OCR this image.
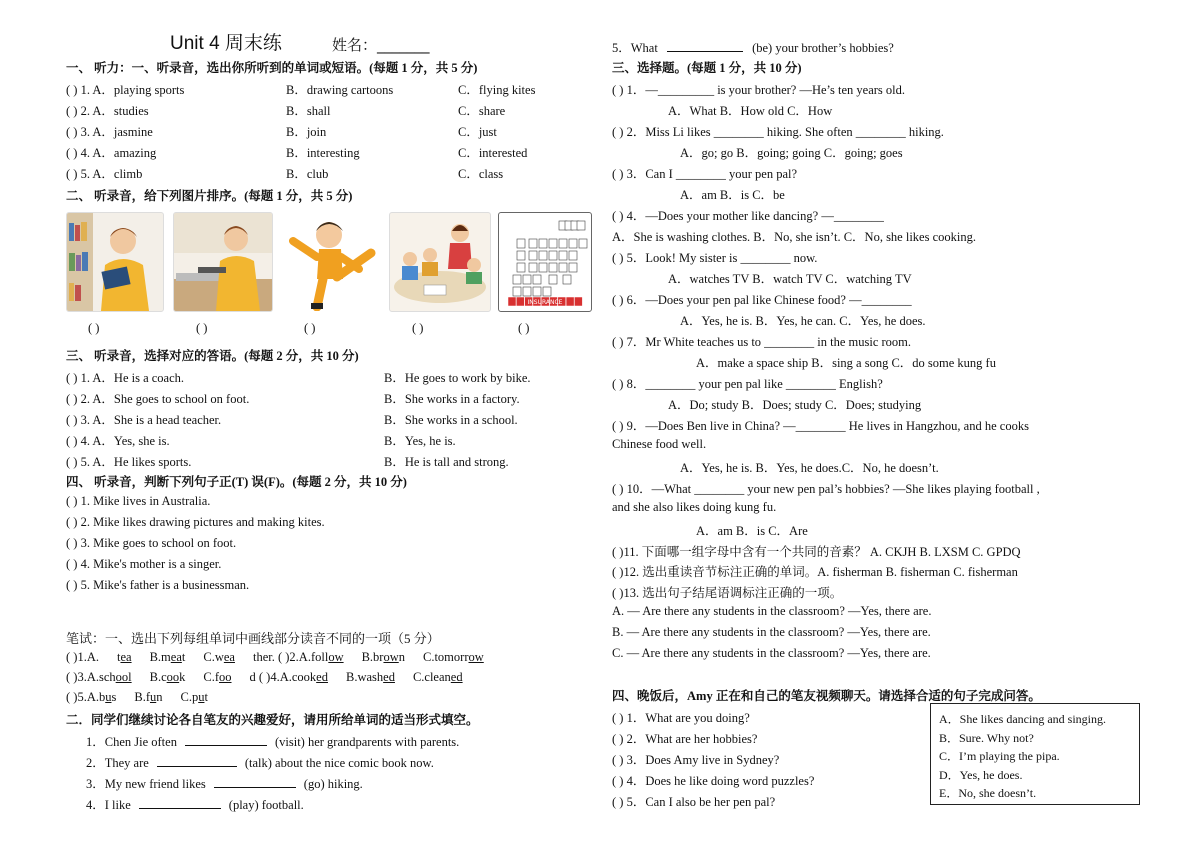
Unit 4 周末练	姓名：_______
一、 听力：一、听录音，选出你所听到的单词或短语。(每题 1 分，共 5 分)
( ) 1. A．playing sports	B．drawing cartoons	C．flying kites
( ) 2. A．studies	B．shall	C．share
( ) 3. A．jasmine	B．join	C．just
( ) 4. A．amazing	B．interesting	C．interested
( ) 5. A．climb	B．club	C．class
二、 听录音，给下列图片排序。(每题 1 分，共 5 分)
INSURANCE
( )	( )	( )	( )	( )
三、 听录音，选择对应的答语。(每题 2 分，共 10 分)
( ) 1. A．He is a coach.	B．He goes to work by bike.
( ) 2. A．She goes to school on foot.	B．She works in a factory.
( ) 3. A．She is a head teacher.	B．She works in a school.
( ) 4. A．Yes, she is.	B．Yes, he is.
( ) 5. A．He likes sports.	B．He is tall and strong.
四、 听录音，判断下列句子正(T) 误(F)。(每题 2 分，共 10 分)
( ) 1. Mike lives in Australia.
( ) 2. Mike likes drawing pictures and making kites.
( ) 3. Mike goes to school on foot.
( ) 4. Mike's mother is a singer.
( ) 5. Mike's father is a businessman.
笔试：一、选出下列每组单词中画线部分读音不同的一项（5 分）
( )1.A. tea B.meat C.wea ther. ( )2.A.follow B.brown C.tomorrow
( )3.A.school B.cook C.foo d ( )4.A.cooked B.washed C.cleaned
( )5.A.bus B.fun C.put
二．同学们继续讨论各自笔友的兴趣爱好，请用所给单词的适当形式填空。
1．Chen Jie often	(visit) her grandparents with parents.
2．They are	(talk) about the nice comic book now.
3．My new friend likes	(go) hiking.
4．I like	(play) football.
5．What	(be) your brother’s hobbies?
三、选择题。(每题 1 分，共 10 分)
( ) 1．—_________ is your brother? —He’s ten years old.
A．What B．How old C．How
( ) 2．Miss Li likes ________ hiking. She often ________ hiking.
A．go; go B．going; going C．going; goes
( ) 3．Can I ________ your pen pal?
A．am B．is C．be
( ) 4．—Does your mother like dancing? —________
A．She is washing clothes. B．No, she isn’t. C．No, she likes cooking.
( ) 5．Look! My sister is ________ now.
A．watches TV B．watch TV C．watching TV
( ) 6．—Does your pen pal like Chinese food? —________
A．Yes, he is. B．Yes, he can. C．Yes, he does.
( ) 7．Mr White teaches us to ________ in the music room.
A．make a space ship B．sing a song C．do some kung fu
( ) 8．________ your pen pal like ________ English?
A．Do; study B．Does; study C．Does; studying
( ) 9．—Does Ben live in China? —________ He lives in Hangzhou, and he cooks
Chinese food well.
A．Yes, he is. B．Yes, he does.C．No, he doesn’t.
( ) 10．—What ________ your new pen pal’s hobbies? —She likes playing football ,
and she also likes doing kung fu.
A．am B．is C．Are
( )11. 下面哪一组字母中含有一个共同的音素？ A. CKJH B. LXSM C. GPDQ
( )12. 选出重读音节标注正确的单词。A. fisherman B. fisherman C. fisherman
( )13. 选出句子结尾语调标注正确的一项。
A. — Are there any students in the classroom? —Yes, there are.
B. — Are there any students in the classroom? —Yes, there are.
C. — Are there any students in the classroom? —Yes, there are.
四、晚饭后，Amy 正在和自己的笔友视频聊天。请选择合适的句子完成问答。
( ) 1．What are you doing?
( ) 2．What are her hobbies?
( ) 3．Does Amy live in Sydney?
( ) 4．Does he like doing word puzzles?
( ) 5．Can I also be her pen pal?
A．She likes dancing and singing.
B．Sure. Why not?
C．I’m playing the pipa.
D．Yes, he does.
E．No, she doesn’t.
